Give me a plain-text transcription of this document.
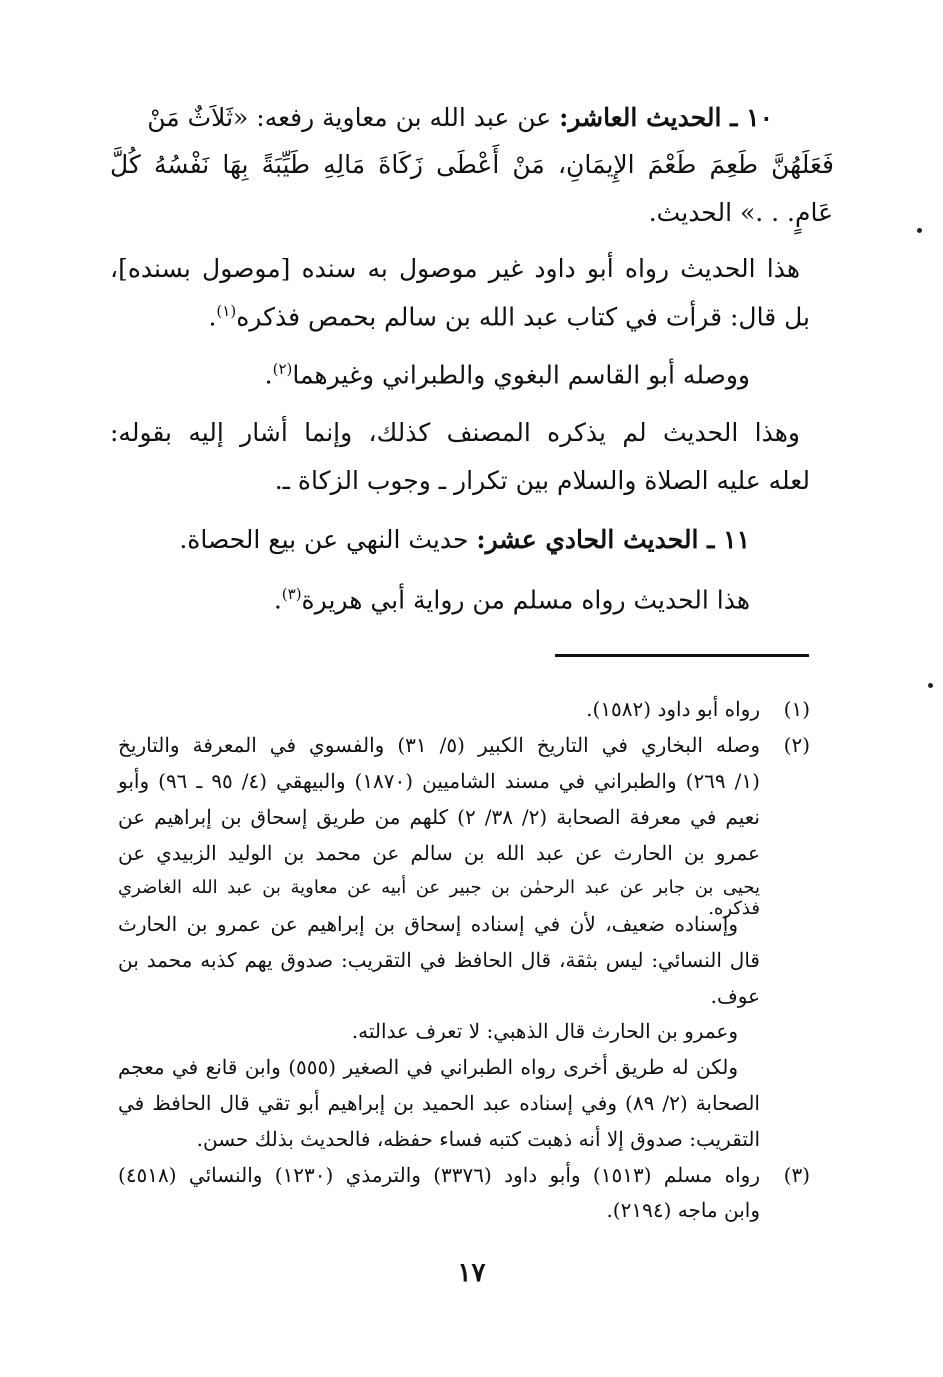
١٠ ـ الحديث العاشر: عن عبد الله بن معاوية رفعه: «ثَلاَثٌ مَنْ
فَعَلَهُنَّ طَعِمَ طَعْمَ الإِيمَانِ، مَنْ أَعْطَى زَكَاةَ مَالِهِ طَيِّبَةً بِهَا نَفْسُهُ كُلَّ
عَامٍ. . .» الحديث.
هذا الحديث رواه أبو داود غير موصول به سنده [موصول بسنده]،
بل قال: قرأت في كتاب عبد الله بن سالم بحمص فذكره$^{(١)}$.
ووصله أبو القاسم البغوي والطبراني وغيرهما$^{(٢)}$.
وهذا الحديث لم يذكره المصنف كذلك، وإنما أشار إليه بقوله:
لعله عليه الصلاة والسلام بين تكرار ـ وجوب الزكاة ـ.
١١ ـ الحديث الحادي عشر: حديث النهي عن بيع الحصاة.
هذا الحديث رواه مسلم من رواية أبي هريرة$^{(٣)}$.
(١)
رواه أبو داود (١٥٨٢).
(٢)
وصله البخاري في التاريخ الكبير (٥/ ٣١) والفسوي في المعرفة والتاريخ
(١/ ٢٦٩) والطبراني في مسند الشاميين (١٨٧٠) والبيهقي (٤/ ٩٥ ـ ٩٦) وأبو
نعيم في معرفة الصحابة (٢/ ٣٨/ ٢) كلهم من طريق إسحاق بن إبراهيم عن
عمرو بن الحارث عن عبد الله بن سالم عن محمد بن الوليد الزبيدي عن
يحيى بن جابر عن عبد الرحمٰن بن جبير عن أبيه عن معاوية بن عبد الله الغاضري فذكره.
وإسناده ضعيف، لأن في إسناده إسحاق بن إبراهيم عن عمرو بن الحارث
قال النسائي: ليس بثقة، قال الحافظ في التقريب: صدوق يهم كذبه محمد بن
عوف.
وعمرو بن الحارث قال الذهبي: لا تعرف عدالته.
ولكن له طريق أخرى رواه الطبراني في الصغير (٥٥٥) وابن قانع في معجم
الصحابة (٢/ ٨٩) وفي إسناده عبد الحميد بن إبراهيم أبو تقي قال الحافظ في
التقريب: صدوق إلا أنه ذهبت كتبه فساء حفظه، فالحديث بذلك حسن.
(٣)
رواه مسلم (١٥١٣) وأبو داود (٣٣٧٦) والترمذي (١٢٣٠) والنسائي (٤٥١٨)
وابن ماجه (٢١٩٤).
١٧
